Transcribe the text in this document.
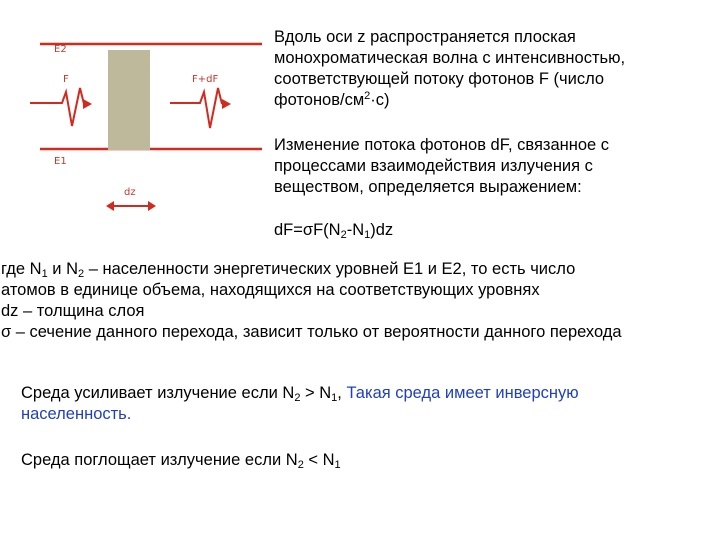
E2
F	F+dF
E1
dz
Вдоль оси z распространяется плоская
монохроматическая волна с интенсивностью,
соответствующей потоку фотонов F (число
фотонов/$см^2\cdot с$)
Изменение потока фотонов dF, связанное с
процессами взаимодействия излучения с
веществом, определяется выражением:
$dF=\sigma F(N_2-N_1)dz$
где $N_1$ и $N_2$ – населенности энергетических уровней E1 и E2, то есть число
атомов в единице объема, находящихся на соответствующих уровнях
dz – толщина слоя
σ – сечение данного перехода, зависит только от вероятности данного перехода
Среда усиливает излучение если $N_2 > N_1$, Такая среда имеет инверсную
населенность.
Среда поглощает излучение если $N_2 < N_1$
